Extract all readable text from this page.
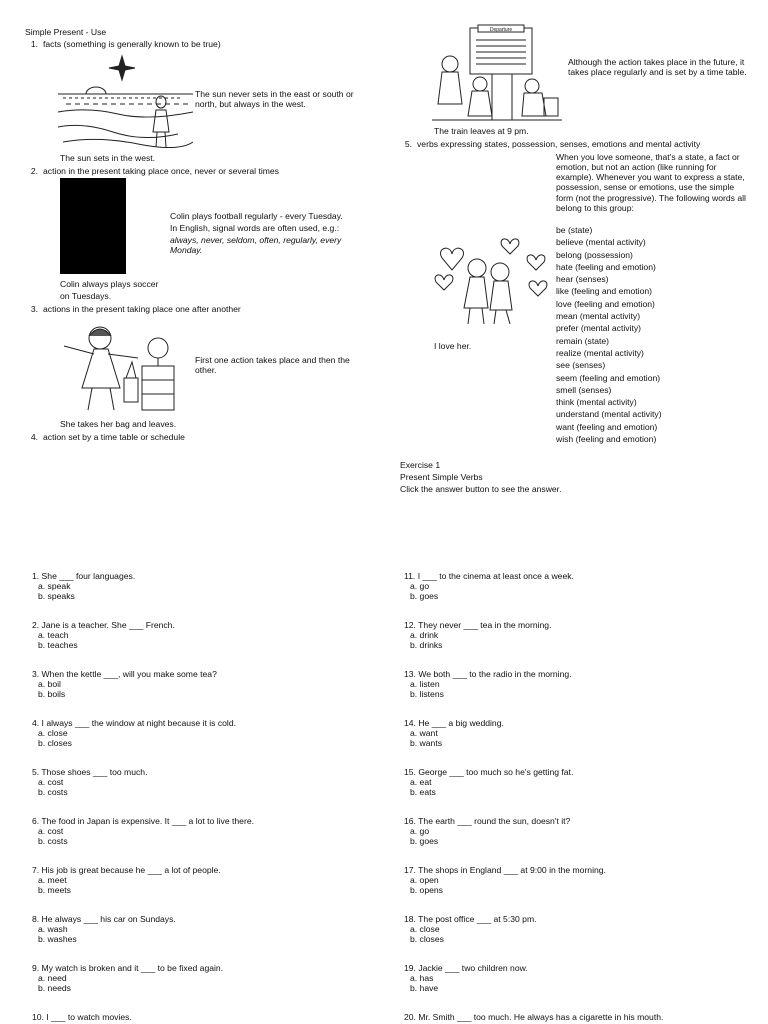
Simple Present - Use
1. facts (something is generally known to be true)
The sun never sets in the east or south or north, but always in the west.
The sun sets in the west.
2. action in the present taking place once, never or several times
Colin plays football regularly - every Tuesday.
In English, signal words are often used, e.g.:
always, never, seldom, often, regularly, every Monday.
Colin always plays soccer
on Tuesdays.
3. actions in the present taking place one after another
First one action takes place and then the other.
She takes her bag and leaves.
4. action set by a time table or schedule
Departure
Although the action takes place in the future, it takes place regularly and is set by a time table.
The train leaves at 9 pm.
5. verbs expressing states, possession, senses, emotions and mental activity
When you love someone, that's a state, a fact or emotion, but not an action (like running for example). Whenever you want to express a state, possession, sense or emotions, use the simple form (not the progressive). The following words all belong to this group:
I love her.
be (state)
believe (mental activity)
belong (possession)
hate (feeling and emotion)
hear (senses)
like (feeling and emotion)
love (feeling and emotion)
mean (mental activity)
prefer (mental activity)
remain (state)
realize (mental activity)
see (senses)
seem (feeling and emotion)
smell (senses)
think (mental activity)
understand (mental activity)
want (feeling and emotion)
wish (feeling and emotion)
Exercise 1
Present Simple Verbs
Click the answer button to see the answer.
1. She ___ four languages.
a. speak
b. speaks
2. Jane is a teacher. She ___ French.
a. teach
b. teaches
3. When the kettle ___, will you make some tea?
a. boil
b. boils
4. I always ___ the window at night because it is cold.
a. close
b. closes
5. Those shoes ___ too much.
a. cost
b. costs
6. The food in Japan is expensive. It ___ a lot to live there.
a. cost
b. costs
7. His job is great because he ___ a lot of people.
a. meet
b. meets
8. He always ___ his car on Sundays.
a. wash
b. washes
9. My watch is broken and it ___ to be fixed again.
a. need
b. needs
10. I ___ to watch movies.
11. I ___ to the cinema at least once a week.
a. go
b. goes
12. They never ___ tea in the morning.
a. drink
b. drinks
13. We both ___ to the radio in the morning.
a. listen
b. listens
14. He ___ a big wedding.
a. want
b. wants
15. George ___ too much so he's getting fat.
a. eat
b. eats
16. The earth ___ round the sun, doesn't it?
a. go
b. goes
17. The shops in England ___ at 9:00 in the morning.
a. open
b. opens
18. The post office ___ at 5:30 pm.
a. close
b. closes
19. Jackie ___ two children now.
a. has
b. have
20. Mr. Smith ___ too much. He always has a cigarette in his mouth.
